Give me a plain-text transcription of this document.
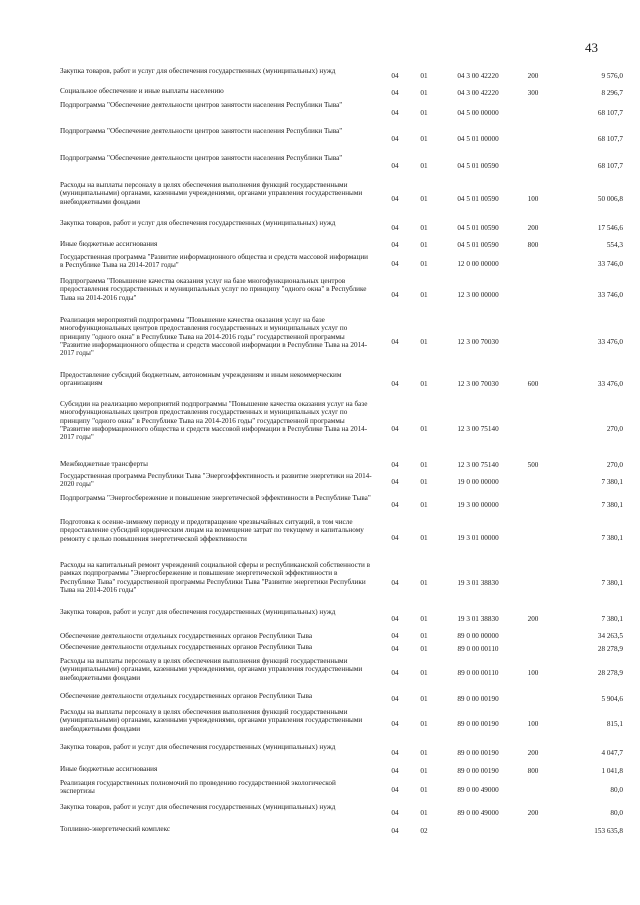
43
Закупка товаров, работ и услуг для обеспечения государственных (муниципальных) нужд	04	01	04 3 00 42220	200	9 576,0
Социальное обеспечение и иные выплаты населению	04	01	04 3 00 42220	300	8 296,7
Подпрограмма "Обеспечение деятельности центров занятости населения Республики Тыва"	04	01	04 5 00 00000		68 107,7
Подпрограмма "Обеспечение деятельности центров занятости населения Республики Тыва"	04	01	04 5 01 00000		68 107,7
Подпрограмма "Обеспечение деятельности центров занятости населения Республики Тыва"	04	01	04 5 01 00590		68 107,7
Расходы на выплаты персоналу в целях обеспечения выполнения функций государственными (муниципальными) органами, казенными учреждениями, органами управления государственными внебюджетными фондами	04	01	04 5 01 00590	100	50 006,8
Закупка товаров, работ и услуг для обеспечения государственных (муниципальных) нужд	04	01	04 5 01 00590	200	17 546,6
Иные бюджетные ассигнования	04	01	04 5 01 00590	800	554,3
Государственная программа "Развитие информационного общества и средств массовой информации в Республике Тыва на 2014-2017 годы"	04	01	12 0 00 00000		33 746,0
Подпрограмма "Повышение качества оказания услуг на базе многофункциональных центров предоставления государственных и муниципальных услуг по принципу "одного окна" в Республике Тыва на 2014-2016 годы"	04	01	12 3 00 00000		33 746,0
Реализация мероприятий подпрограммы "Повышение качества оказания услуг на базе многофункциональных центров предоставления государственных и муниципальных услуг по принципу "одного окна" в Республике Тыва на 2014-2016 годы" государственной программы "Развитие информационного общества и средств массовой информации в Республике Тыва на 2014-2017 годы"	04	01	12 3 00 70030		33 476,0
Предоставление субсидий бюджетным, автономным учреждениям и иным некоммерческим организациям	04	01	12 3 00 70030	600	33 476,0
Субсидии на реализацию мероприятий подпрограммы "Повышение качества оказания услуг на базе многофункциональных центров предоставления государственных и муниципальных услуг по принципу "одного окна" в Республике Тыва на 2014-2016 годы" государственной программы "Развитие информационного общества и средств массовой информации в Республике Тыва на 2014-2017 годы"	04	01	12 3 00 75140		270,0
Межбюджетные трансферты	04	01	12 3 00 75140	500	270,0
Государственная программа Республики Тыва "Энергоэффективность и развитие энергетики на 2014-2020 годы"	04	01	19 0 00 00000		7 380,1
Подпрограмма "Энергосбережение и повышение энергетической эффективности в Республике Тыва"	04	01	19 3 00 00000		7 380,1
Подготовка к осенне-зимнему периоду и предотвращение чрезвычайных ситуаций, в том числе предоставление субсидий юридическим лицам на возмещение затрат по текущему и капитальному ремонту с целью повышения энергетической эффективности	04	01	19 3 01 00000		7 380,1
Расходы на капитальный ремонт учреждений социальной сферы и республиканской собственности в рамках подпрограммы "Энергосбережение и повышение энергетической эффективности в Республике Тыва" государственной программы Республики Тыва "Развитие энергетики Республики Тыва на 2014-2016 годы"	04	01	19 3 01 38830		7 380,1
Закупка товаров, работ и услуг для обеспечения государственных (муниципальных) нужд	04	01	19 3 01 38830	200	7 380,1
Обеспечение деятельности отдельных государственных органов Республики Тыва	04	01	89 0 00 00000		34 263,5
Обеспечение деятельности отдельных государственных органов Республики Тыва	04	01	89 0 00 00110		28 278,9
Расходы на выплаты персоналу в целях обеспечения выполнения функций государственными (муниципальными) органами, казенными учреждениями, органами управления государственными внебюджетными фондами	04	01	89 0 00 00110	100	28 278,9
Обеспечение деятельности отдельных государственных органов Республики Тыва	04	01	89 0 00 00190		5 904,6
Расходы на выплаты персоналу в целях обеспечения выполнения функций государственными (муниципальными) органами, казенными учреждениями, органами управления государственными внебюджетными фондами	04	01	89 0 00 00190	100	815,1
Закупка товаров, работ и услуг для обеспечения государственных (муниципальных) нужд	04	01	89 0 00 00190	200	4 047,7
Иные бюджетные ассигнования	04	01	89 0 00 00190	800	1 041,8
Реализация государственных полномочий по проведению государственной экологической экспертизы	04	01	89 0 00 49000		80,0
Закупка товаров, работ и услуг для обеспечения государственных (муниципальных) нужд	04	01	89 0 00 49000	200	80,0
Топливно-энергетический комплекс	04	02			153 635,8
